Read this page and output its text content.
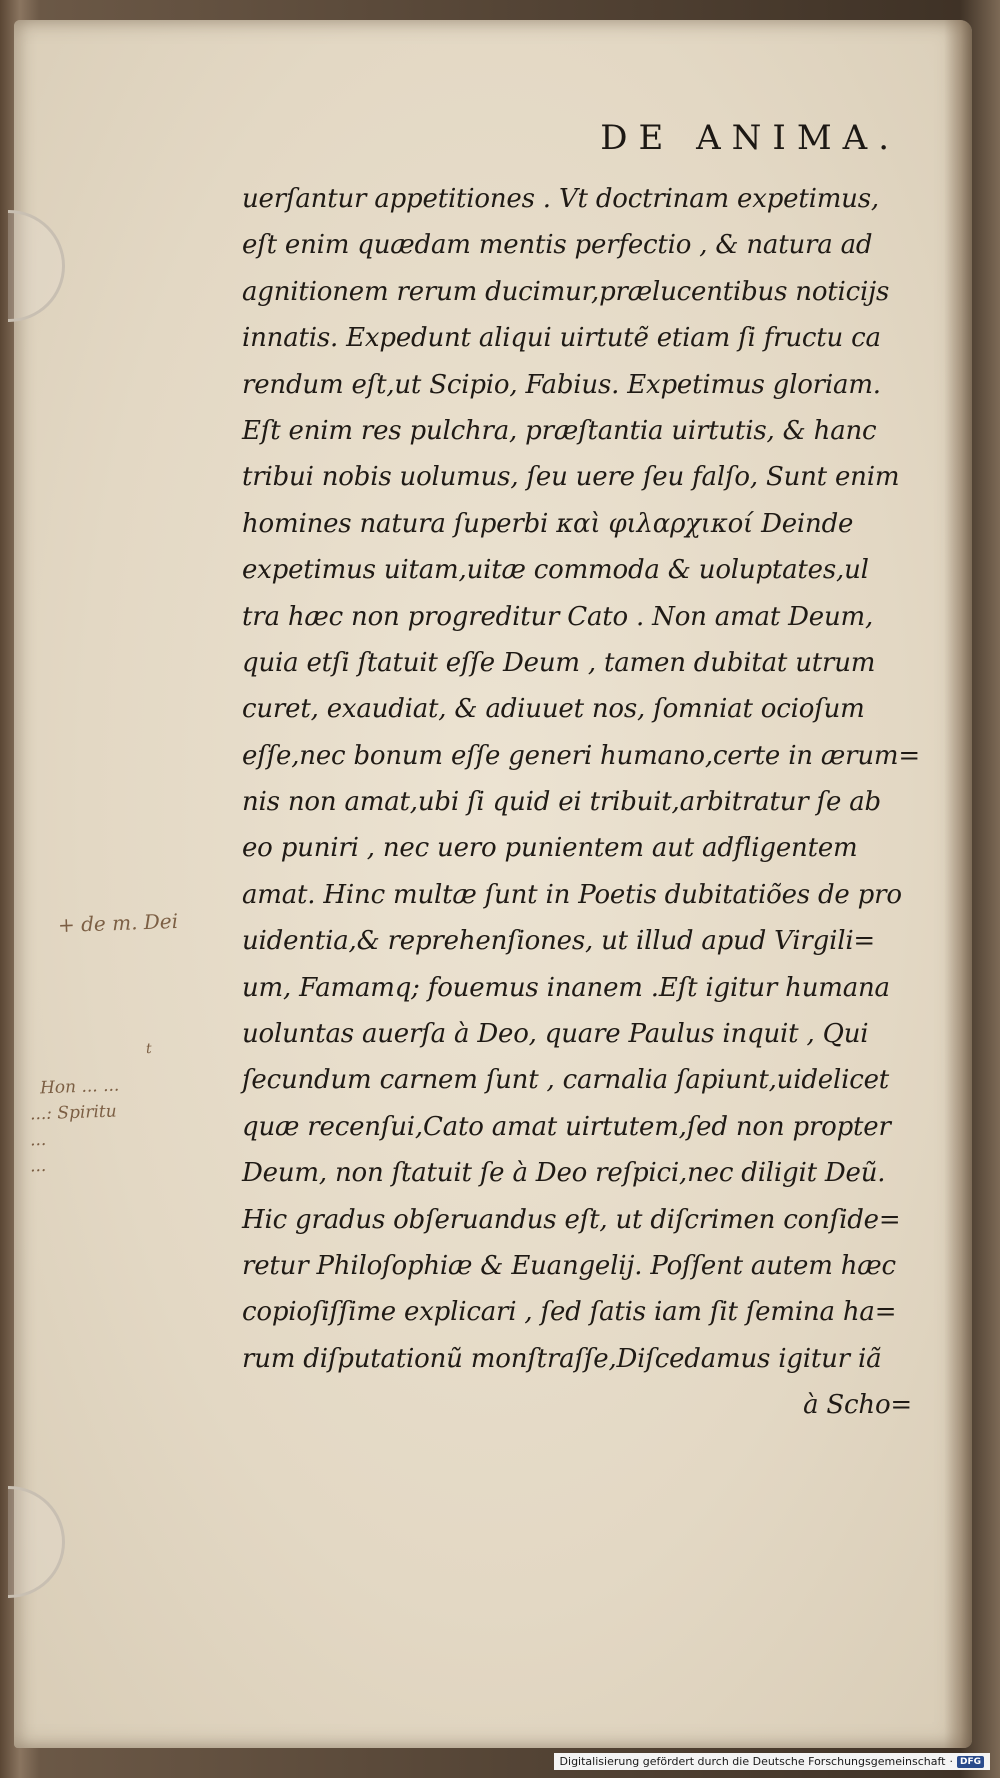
DE ANIMA.
uerſantur appetitiones . Vt doctrinam expetimus,
eſt enim quædam mentis perfectio , & natura ad
agnitionem rerum ducimur,prælucentibus noticijs
innatis. Expedunt aliqui uirtutẽ etiam ſi fructu ca
rendum eſt,ut Scipio, Fabius. Expetimus gloriam.
Eſt enim res pulchra, præſtantia uirtutis, & hanc
tribui nobis uolumus, ſeu uere ſeu falſo, Sunt enim
homines natura ſuperbi καὶ φιλαρχικοί Deinde
expetimus uitam,uitæ commoda & uoluptates,ul
tra hæc non progreditur Cato . Non amat Deum,
quia etſi ſtatuit eſſe Deum , tamen dubitat utrum
curet, exaudiat, & adiuuet nos, ſomniat ocioſum
eſſe,nec bonum eſſe generi humano,certe in ærum=
nis non amat,ubi ſi quid ei tribuit,arbitratur ſe ab
eo puniri , nec uero punientem aut adfligentem
amat. Hinc multæ ſunt in Poetis dubitatiões de pro
uidentia,& reprehenſiones, ut illud apud Virgili=
um, Famamq; fouemus inanem .Eſt igitur humana
uoluntas auerſa à Deo, quare Paulus inquit , Qui
ſecundum carnem ſunt , carnalia ſapiunt,uidelicet
quæ recenſui,Cato amat uirtutem,ſed non propter
Deum, non ſtatuit ſe à Deo reſpici,nec diligit Deũ.
Hic gradus obſeruandus eſt, ut diſcrimen conſide=
retur Philoſophiæ & Euangelij. Poſſent autem hæc
copioſiſſime explicari , ſed ſatis iam ſit ſemina ha=
rum diſputationũ monſtraſſe,Diſcedamus igitur iã
à Scho=
+ de m. Dei
t
Hon ... ...
...: Spiritu
...
...
Digitalisierung gefördert durch die Deutsche Forschungsgemeinschaft · DFG
